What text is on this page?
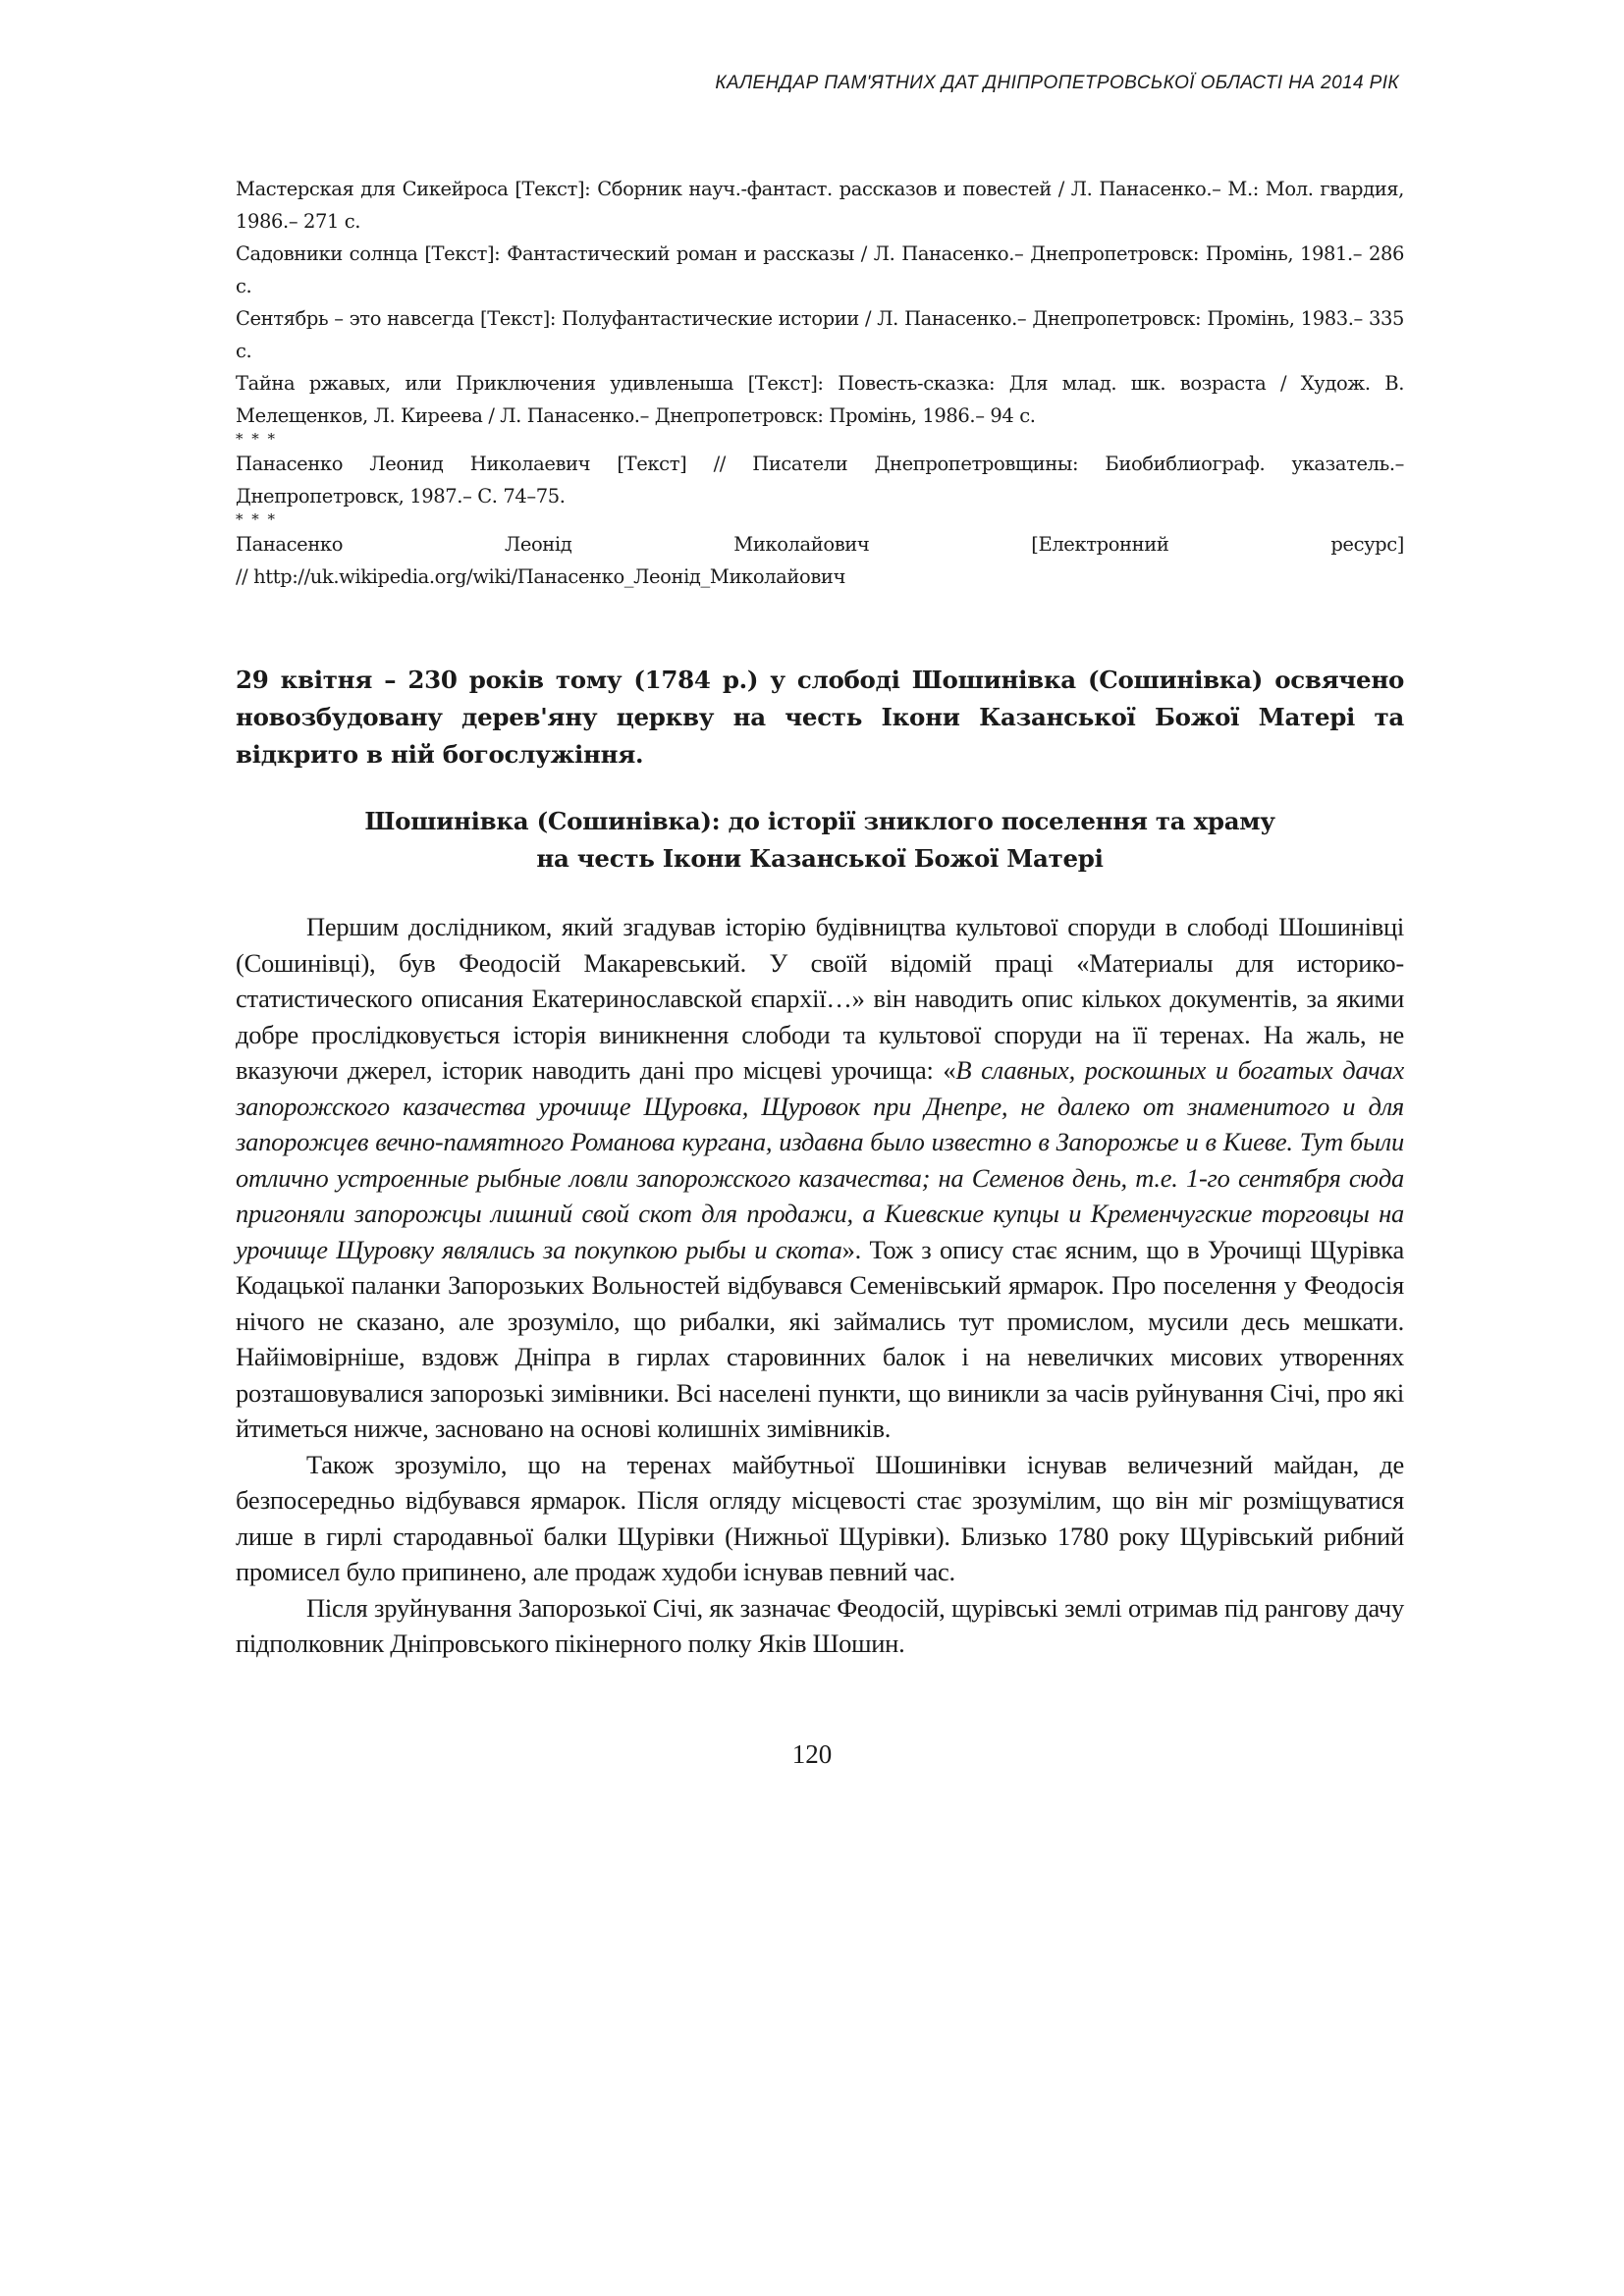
КАЛЕНДАР ПАМ'ЯТНИХ ДАТ ДНІПРОПЕТРОВСЬКОЇ ОБЛАСТІ НА 2014 РІК

Мастерская для Сикейроса [Текст]: Сборник науч.-фантаст. рассказов и повестей / Л. Панасенко.– М.: Мол. гвардия, 1986.– 271 с.

Садовники солнца [Текст]: Фантастический роман и рассказы / Л. Панасенко.– Днепропетровск: Промінь, 1981.– 286 с.

Сентябрь – это навсегда [Текст]: Полуфантастические истории / Л. Панасенко.– Днепропетровск: Промінь, 1983.– 335 с.

Тайна ржавых, или Приключения удивленыша [Текст]: Повесть-сказка: Для млад. шк. возраста / Худож. В. Мелещенков, Л. Киреева / Л. Панасенко.– Днепропетровск: Промінь, 1986.– 94 с.

* * *

Панасенко Леонид Николаевич [Текст] // Писатели Днепропетровщины: Биобиблиограф. указатель.– Днепропетровск, 1987.– С. 74–75.

* * *

Панасенко	Леонід	Миколайович	[Електронний	ресурс]

// http://uk.wikipedia.org/wiki/Панасенко_Леонід_Миколайович

29 квітня – 230 років тому (1784 р.) у слободі Шошинівка (Сошинівка) освячено новозбудовану дерев'яну церкву на честь Ікони Казанської Божої Матері та відкрито в ній богослужіння.
Шошинівка (Сошинівка): до історії зниклого поселення та храму
на честь Ікони Казанської Божої Матері

Першим дослідником, який згадував історію будівництва культової споруди в слободі Шошинівці (Сошинівці), був Феодосій Макаревський. У своїй відомій праці «Материалы для историко-статистического описания Екатеринославской єпархії…» він наводить опис кількох документів, за якими добре прослідковується історія виникнення слободи та культової споруди на її теренах. На жаль, не вказуючи джерел, історик наводить дані про місцеві урочища: «В славных, роскошных и богатых дачах запорожского казачества урочище Щуровка, Щуровок при Днепре, не далеко от знаменитого и для запорожцев вечно-памятного Романова кургана, издавна было известно в Запорожье и в Киеве. Тут были отлично устроенные рыбные ловли запорожского казачества; на Семенов день, т.е. 1-го сентября сюда пригоняли запорожцы лишний свой скот для продажи, а Киевские купцы и Кременчугские торговцы на урочище Щуровку являлись за покупкою рыбы и скота». Тож з опису стає ясним, що в Урочищі Щурівка Кодацької паланки Запорозьких Вольностей відбувався Семенівський ярмарок. Про поселення у Феодосія нічого не сказано, але зрозуміло, що рибалки, які займались тут промислом, мусили десь мешкати. Найімовірніше, вздовж Дніпра в гирлах старовинних балок і на невеличких мисових утвореннях розташовувалися запорозькі зимівники. Всі населені пункти, що виникли за часів руйнування Січі, про які йтиметься нижче, засновано на основі колишніх зимівників.

Також зрозуміло, що на теренах майбутньої Шошинівки існував величезний майдан, де безпосередньо відбувався ярмарок. Після огляду місцевості стає зрозумілим, що він міг розміщуватися лише в гирлі стародавньої балки Щурівки (Нижньої Щурівки). Близько 1780 року Щурівський рибний промисел було припинено, але продаж худоби існував певний час.

Після зруйнування Запорозької Січі, як зазначає Феодосій, щурівські землі отримав під рангову дачу підполковник Дніпровського пікінерного полку Яків Шошин.

120
